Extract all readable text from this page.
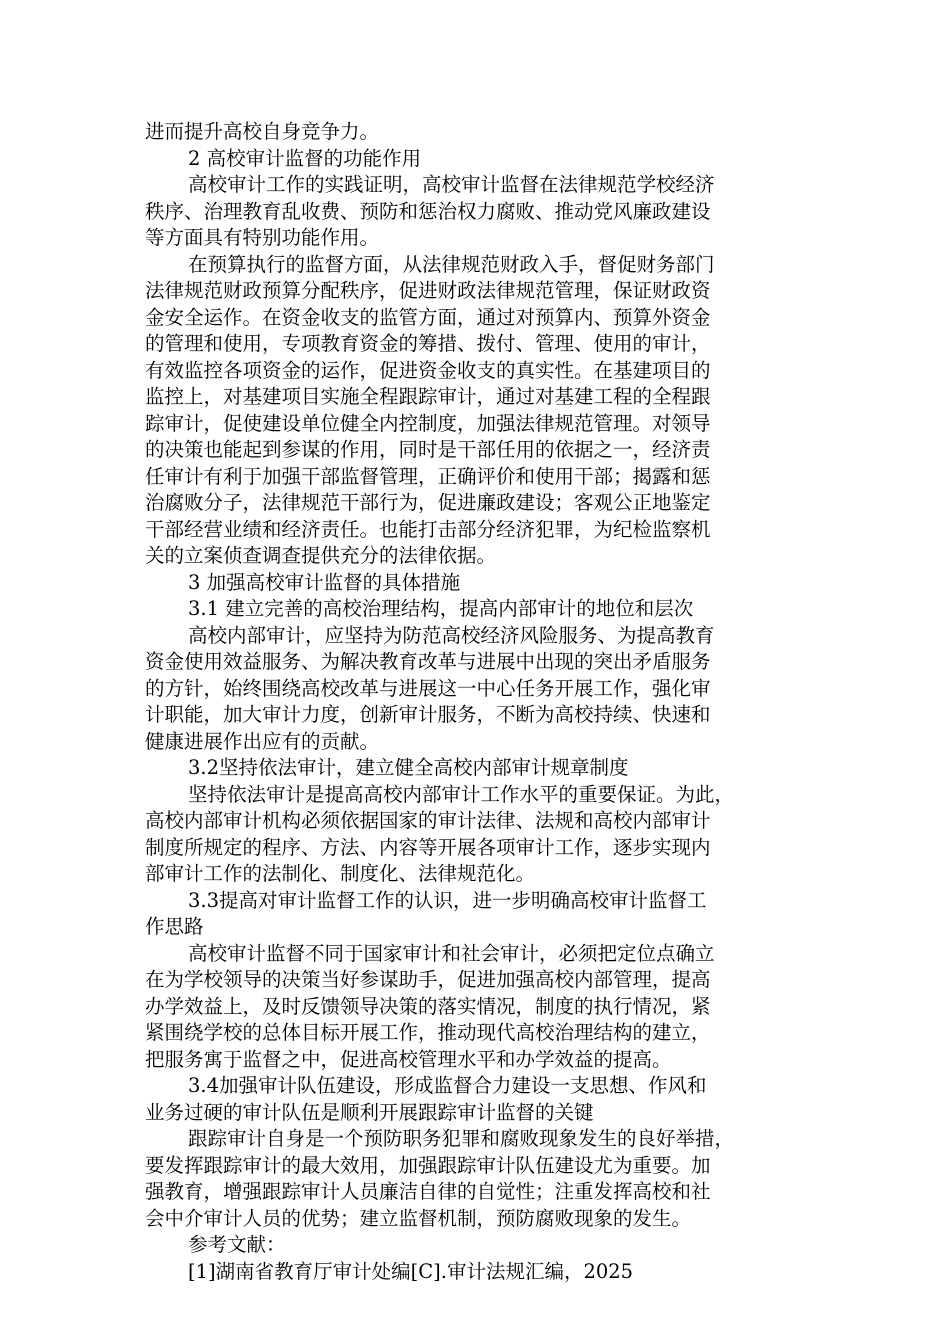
进而提升高校自身竞争力。
2 高校审计监督的功能作用
高校审计工作的实践证明，高校审计监督在法律规范学校经济
秩序、治理教育乱收费、预防和惩治权力腐败、推动党风廉政建设
等方面具有特别功能作用。
在预算执行的监督方面，从法律规范财政入手，督促财务部门
法律规范财政预算分配秩序，促进财政法律规范管理，保证财政资
金安全运作。在资金收支的监管方面，通过对预算内、预算外资金
的管理和使用，专项教育资金的筹措、拨付、管理、使用的审计，
有效监控各项资金的运作，促进资金收支的真实性。在基建项目的
监控上，对基建项目实施全程跟踪审计，通过对基建工程的全程跟
踪审计，促使建设单位健全内控制度，加强法律规范管理。对领导
的决策也能起到参谋的作用，同时是干部任用的依据之一，经济责
任审计有利于加强干部监督管理，正确评价和使用干部；揭露和惩
治腐败分子，法律规范干部行为，促进廉政建设；客观公正地鉴定
干部经营业绩和经济责任。也能打击部分经济犯罪，为纪检监察机
关的立案侦查调查提供充分的法律依据。
3 加强高校审计监督的具体措施
3.1 建立完善的高校治理结构，提高内部审计的地位和层次
高校内部审计，应坚持为防范高校经济风险服务、为提高教育
资金使用效益服务、为解决教育改革与进展中出现的突出矛盾服务
的方针，始终围绕高校改革与进展这一中心任务开展工作，强化审
计职能，加大审计力度，创新审计服务，不断为高校持续、快速和
健康进展作出应有的贡献。
3.2坚持依法审计，建立健全高校内部审计规章制度
坚持依法审计是提高高校内部审计工作水平的重要保证。为此，
高校内部审计机构必须依据国家的审计法律、法规和高校内部审计
制度所规定的程序、方法、内容等开展各项审计工作，逐步实现内
部审计工作的法制化、制度化、法律规范化。
3.3提高对审计监督工作的认识，进一步明确高校审计监督工
作思路
高校审计监督不同于国家审计和社会审计，必须把定位点确立
在为学校领导的决策当好参谋助手，促进加强高校内部管理，提高
办学效益上，及时反馈领导决策的落实情况，制度的执行情况，紧
紧围绕学校的总体目标开展工作，推动现代高校治理结构的建立，
把服务寓于监督之中，促进高校管理水平和办学效益的提高。
3.4加强审计队伍建设，形成监督合力建设一支思想、作风和
业务过硬的审计队伍是顺利开展跟踪审计监督的关键
跟踪审计自身是一个预防职务犯罪和腐败现象发生的良好举措，
要发挥跟踪审计的最大效用，加强跟踪审计队伍建设尤为重要。加
强教育，增强跟踪审计人员廉洁自律的自觉性；注重发挥高校和社
会中介审计人员的优势；建立监督机制，预防腐败现象的发生。
参考文献：
[1]湖南省教育厅审计处编[C].审计法规汇编，2025
